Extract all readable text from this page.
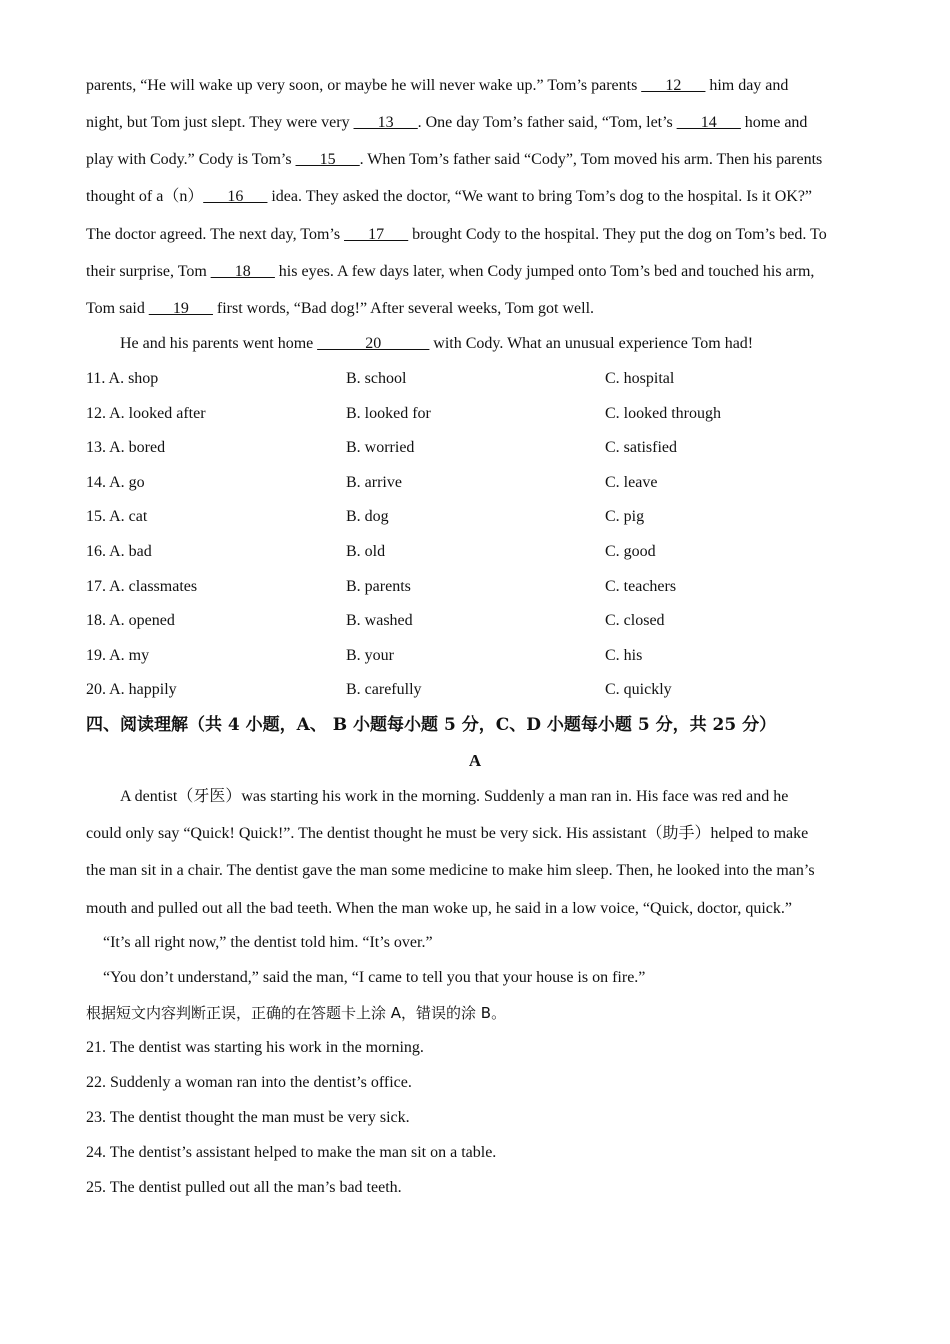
parents, “He will wake up very soon, or maybe he will never wake up.” Tom’s parents ___12___ him day and
night, but Tom just slept. They were very ___13___. One day Tom’s father said, “Tom, let’s ___14___ home and
play with Cody.” Cody is Tom’s ___15___. When Tom’s father said “Cody”, Tom moved his arm. Then his parents
thought of a（n）___16___ idea. They asked the doctor, “We want to bring Tom’s dog to the hospital. Is it OK?”
The doctor agreed. The next day, Tom’s ___17___ brought Cody to the hospital. They put the dog on Tom’s bed. To
their surprise, Tom ___18___ his eyes. A few days later, when Cody jumped onto Tom’s bed and touched his arm,
Tom said ___19___ first words, “Bad dog!” After several weeks, Tom got well.
He and his parents went home ______20______ with Cody. What an unusual experience Tom had!
11. A. shop	B. school	C. hospital
12. A. looked after	B. looked for	C. looked through
13. A. bored	B. worried	C. satisfied
14. A. go	B. arrive	C. leave
15. A. cat	B. dog	C. pig
16. A. bad	B. old	C. good
17. A. classmates	B. parents	C. teachers
18. A. opened	B. washed	C. closed
19. A. my	B. your	C. his
20. A. happily	B. carefully	C. quickly
四、阅读理解（共 4 小题，A、 B 小题每小题 5 分，C、D 小题每小题 5 分，共 25 分）
A
A dentist（牙医）was starting his work in the morning. Suddenly a man ran in. His face was red and he
could only say “Quick! Quick!”. The dentist thought he must be very sick. His assistant（助手）helped to make
the man sit in a chair. The dentist gave the man some medicine to make him sleep. Then, he looked into the man’s
mouth and pulled out all the bad teeth. When the man woke up, he said in a low voice, “Quick, doctor, quick.”
“It’s all right now,” the dentist told him. “It’s over.”
“You don’t understand,” said the man, “I came to tell you that your house is on fire.”
根据短文内容判断正误，正确的在答题卡上涂 A，错误的涂 B。
21. The dentist was starting his work in the morning.
22. Suddenly a woman ran into the dentist’s office.
23. The dentist thought the man must be very sick.
24. The dentist’s assistant helped to make the man sit on a table.
25. The dentist pulled out all the man’s bad teeth.
